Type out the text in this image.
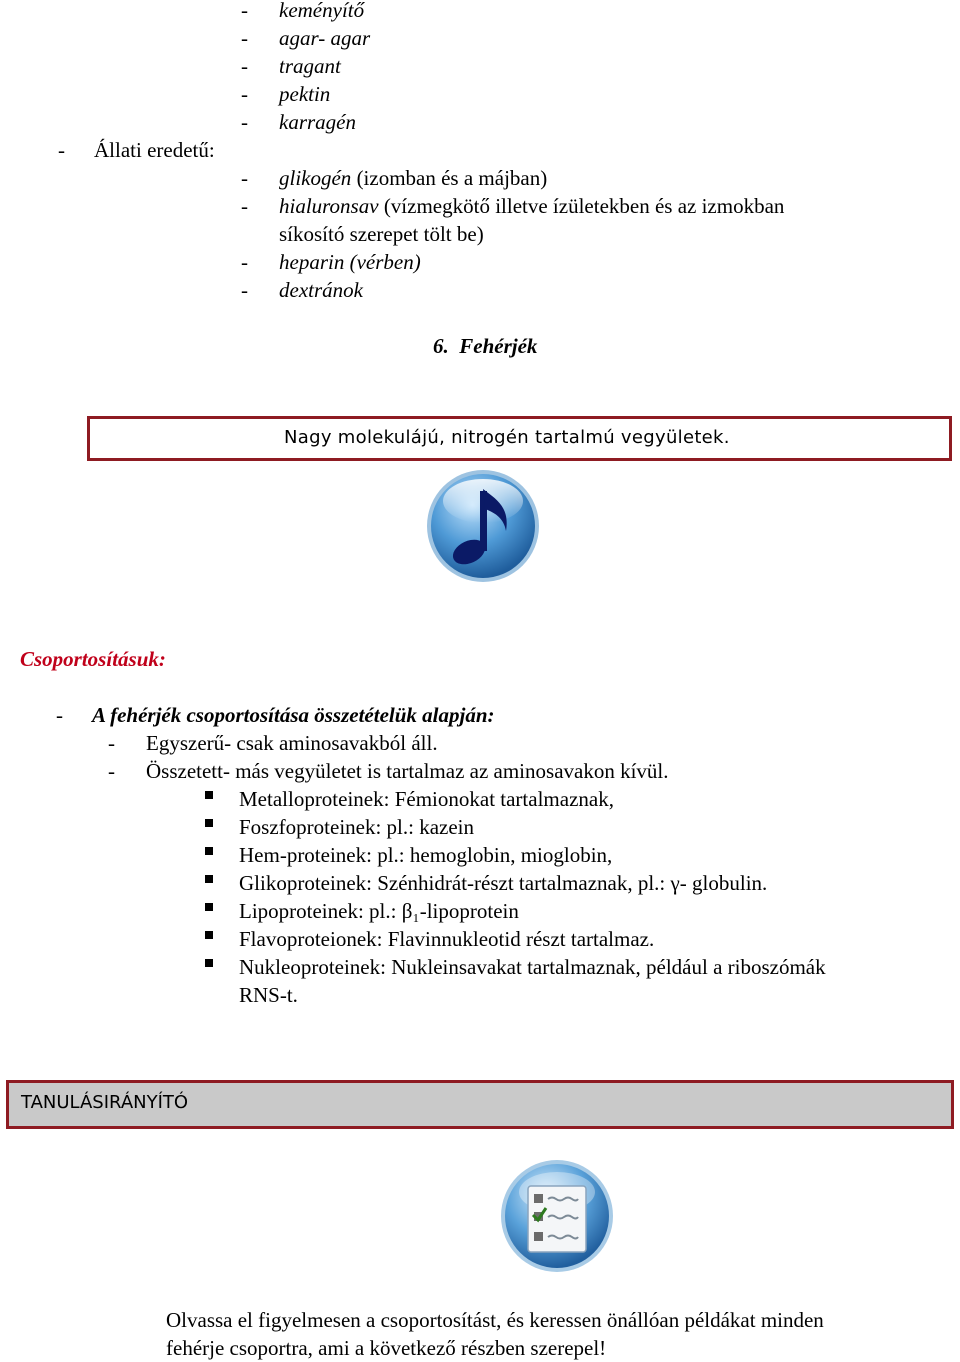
- keményítő
- agar- agar
- tragant
- pektin
- karragén
- Állati eredetű:
- glikogén (izomban és a májban)
- hialuronsav (vízmegkötő illetve ízületekben és az izmokban
síkosító szerepet tölt be)
- heparin (vérben)
- dextránok
6.  Fehérjék
Nagy molekulájú, nitrogén tartalmú vegyületek.
Csoportosításuk:
- A fehérjék csoportosítása összetételük alapján:
- Egyszerű- csak aminosavakból áll.
- Összetett- más vegyületet is tartalmaz az aminosavakon kívül.
Metalloproteinek: Fémionokat tartalmaznak,
Foszfoproteinek: pl.: kazein
Hem-proteinek: pl.: hemoglobin, mioglobin,
Glikoproteinek: Szénhidrát-részt tartalmaznak, pl.: γ- globulin.
Lipoproteinek: pl.: β₁-lipoprotein
Flavoproteionek: Flavinnukleotid részt tartalmaz.
Nukleoproteinek: Nukleinsavakat tartalmaznak, például a riboszómák
RNS-t.
TANULÁSIRÁNYÍTÓ
Olvassa el figyelmesen a csoportosítást, és keressen önállóan példákat minden
fehérje csoportra, ami a következő részben szerepel!
